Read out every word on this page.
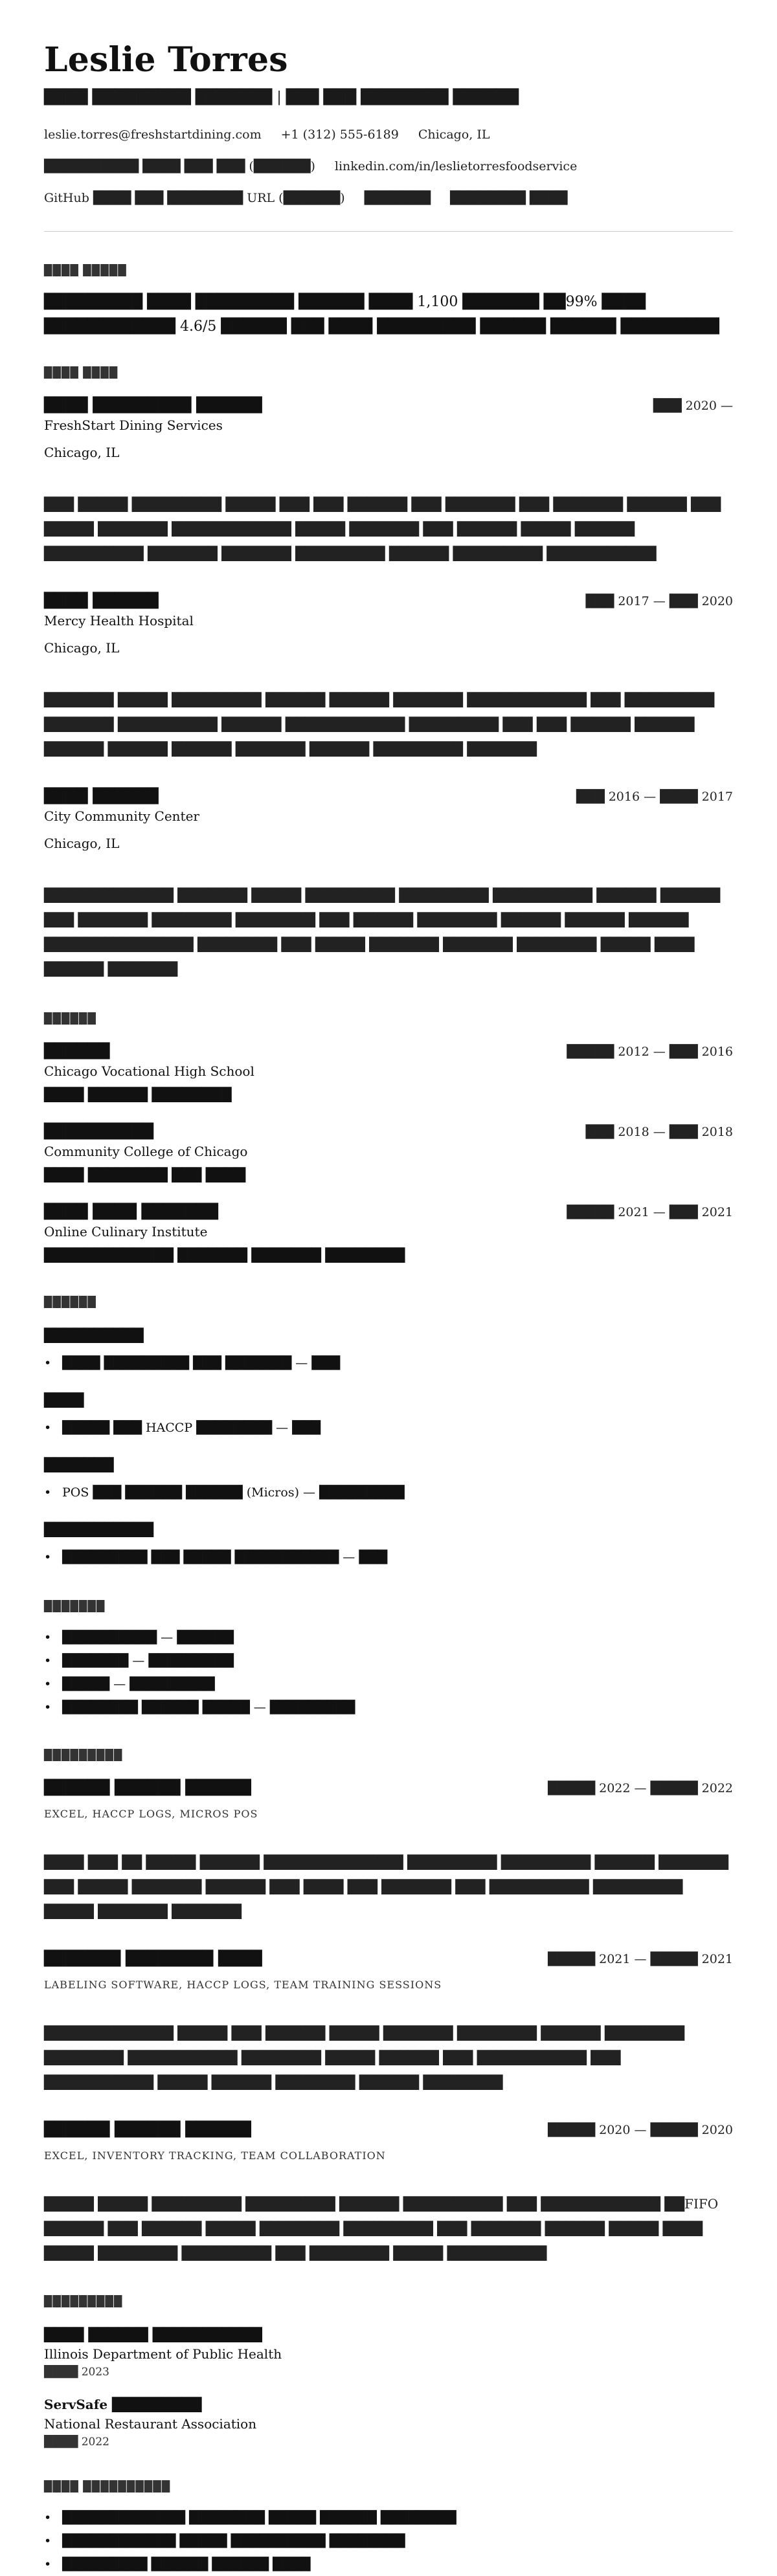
Leslie Torres
████ █████████ ███████ | ███ ███ ████████ ██████
leslie.torres@freshstartdining.com +1 (312) 555-6189 Chicago, IL
██████████ ████ ███ ███ (██████) linkedin.com/in/leslietorresfoodservice
GitHub ████ ███ ████████ URL (██████) ███████ ████████ ████
████ █████
█████████ ████ █████████ ██████ ████ 1,100 ███████ ██99% ████ ████████████ 4.6/5 ██████ ███ ████ █████████ ██████ ██████ █████████
████ ████
████ █████████ ██████	███ 2020 —
FreshStart Dining Services
Chicago, IL
███ █████ █████████ █████ ███ ███ ██████ ███ ███████ ███ ███████ ██████ ███ █████ ███████ ████████████ █████ ███████ ███ ██████ █████ ██████ ██████████ ███████ ███████ █████████ ██████ █████████ ███████████
████ ██████	███ 2017 — ███ 2020
Mercy Health Hospital
Chicago, IL
███████ █████ █████████ ██████ ██████ ███████ ████████████ ███ █████████ ███████ ██████████ ██████ ████████████ █████████ ███ ███ ██████ ██████ ██████ ██████ ██████ ███████ ██████ █████████ ███████
████ ██████	███ 2016 — ████ 2017
City Community Center
Chicago, IL
█████████████ ███████ █████ █████████ █████████ ██████████ ██████ ██████ ███ ███████ ████████ ████████ ███ ██████ ████████ ██████ ██████ ██████ ███████████████ ████████ ███ █████ ███████ ███████ ████████ █████ ████ ██████ ███████
██████
██████	█████ 2012 — ███ 2016
Chicago Vocational High School
████ ██████ ████████
██████████	███ 2018 — ███ 2018
Community College of Chicago
████ ████████ ███ ████
████ ████ ███████	█████ 2021 — ███ 2021
Online Culinary Institute
█████████████ ███████ ███████ ████████
██████
██████████
• ████ █████████ ███ ███████ — ███
████
• █████ ███ HACCP ████████ — ███
███████
• POS ███ ██████ ██████ (Micros) — █████████
███████████
• █████████ ███ █████ ███████████ — ███
███████
• ██████████ — ██████
• ███████ — █████████
• █████ — █████████
• ████████ ██████ █████ — █████████
█████████
██████ ██████ ██████	█████ 2022 — █████ 2022
EXCEL, HACCP LOGS, MICROS POS
████ ███ ██ █████ ██████ ██████████████ █████████ █████████ ██████ ███████ ███ █████ ███████ ██████ ███ ████ ███ ███████ ███ ██████████ █████████ █████ ███████ ███████
███████ ████████ ████	█████ 2021 — █████ 2021
LABELING SOFTWARE, HACCP LOGS, TEAM TRAINING SESSIONS
█████████████ █████ ███ ██████ █████ ███████ ████████ ██████ ████████ ████████ ███████████ ████████ █████ ██████ ███ ███████████ ███ ███████████ █████ ██████ ████████ ██████ ████████
██████ ██████ ██████	█████ 2020 — █████ 2020
EXCEL, INVENTORY TRACKING, TEAM COLLABORATION
█████ █████ █████████ █████████ ██████ ██████████ ███ ████████████ ██FIFO ██████ ███ ██████ █████ ████████ █████████ ███ ███████ ██████ █████ ████ █████ ████████ █████████ ███ ████████ █████ ██████████
█████████
████ ██████ ███████████
Illinois Department of Public Health
████ 2023
ServSafe █████████
National Restaurant Association
████ 2022
████ ██████████
• █████████████ ████████ █████ ██████ ████████
• ████████████ █████ ██████████ ████████
• █████████ ██████ ██████ ████
